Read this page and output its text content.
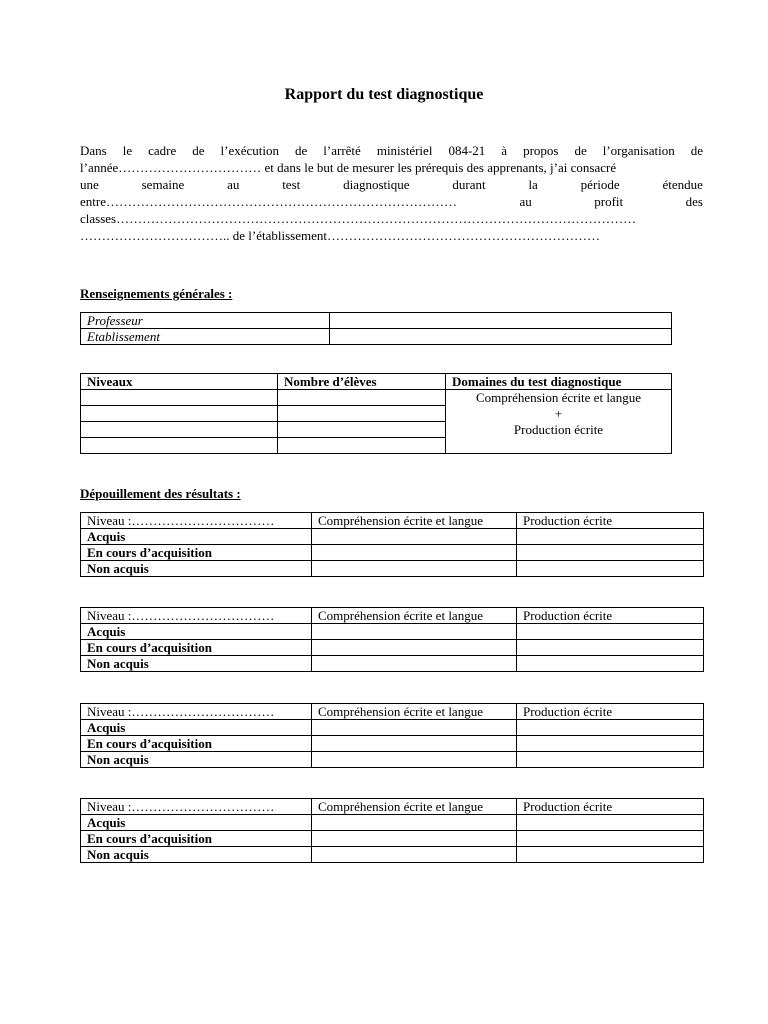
Rapport du test diagnostique
Dans le cadre de l’exécution de l’arrêté ministériel 084-21 à propos de l’organisation de
l’année…………………………… et dans le but de mesurer les prérequis des apprenants, j’ai consacré
une	semaine	au	test	diagnostique	durant	la	période	étendue
entre………………………………………………………………………	au	profit	des
classes…………………………………………………………………………………………………………
…………………………….. de l’établissement………………………………………………………

Renseignements générales :

Professeur	
Etablissement	
Niveaux	Nombre d’élèves	Domaines du test diagnostique

		Compréhension écrite et langue
+
Production écrite

Dépouillement des résultats :

Niveau :……………………………	Compréhension écrite et langue	Production écrite
Acquis		
En cours d’acquisition		
Non acquis		
Niveau :……………………………	Compréhension écrite et langue	Production écrite
Acquis		
En cours d’acquisition		
Non acquis		
Niveau :……………………………	Compréhension écrite et langue	Production écrite
Acquis		
En cours d’acquisition		
Non acquis		
Niveau :……………………………	Compréhension écrite et langue	Production écrite
Acquis		
En cours d’acquisition		
Non acquis		
